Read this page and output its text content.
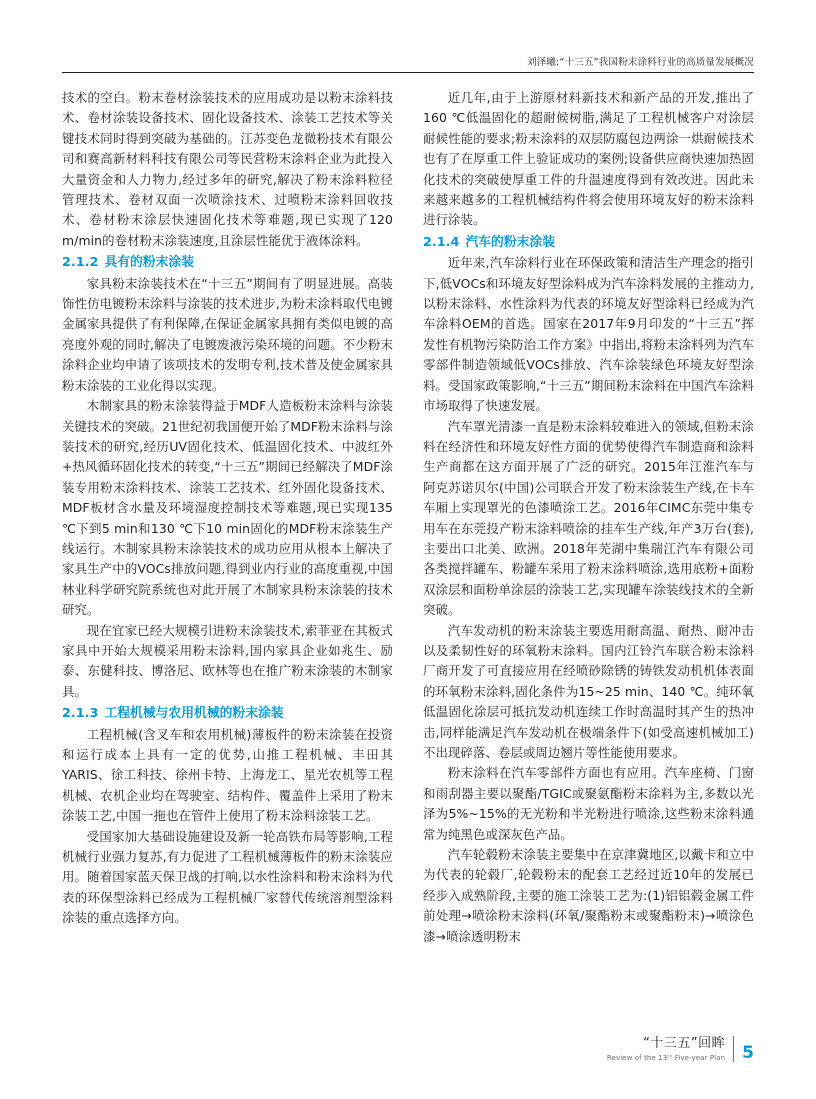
刘泽曦:“十三五”我国粉末涂料行业的高质量发展概况

技术的空白。粉末卷材涂装技术的应用成功是以粉末涂料技术、卷材涂装设备技术、固化设备技术、涂装工艺技术等关键技术同时得到突破为基础的。江苏变色龙微粉技术有限公司和赛高新材料科技有限公司等民营粉末涂料企业为此投入大量资金和人力物力,经过多年的研究,解决了粉末涂料粒径管理技术、卷材双面一次喷涂技术、过喷粉末涂料回收技术、卷材粉末涂层快速固化技术等难题,现已实现了120 m/min的卷材粉末涂装速度,且涂层性能优于液体涂料。

2.1.2 具有的粉末涂装

家具粉末涂装技术在“十三五”期间有了明显进展。高装饰性仿电镀粉末涂料与涂装的技术进步,为粉末涂料取代电镀金属家具提供了有利保障,在保证金属家具拥有类似电镀的高亮度外观的同时,解决了电镀废液污染环境的问题。不少粉末涂料企业均申请了该项技术的发明专利,技术普及使金属家具粉末涂装的工业化得以实现。

木制家具的粉末涂装得益于MDF人造板粉末涂料与涂装关键技术的突破。21世纪初我国便开始了MDF粉末涂料与涂装技术的研究,经历UV固化技术、低温固化技术、中波红外+热风循环固化技术的转变,“十三五”期间已经解决了MDF涂装专用粉末涂料技术、涂装工艺技术、红外固化设备技术、MDF板材含水量及环境湿度控制技术等难题,现已实现135 ℃下到5 min和130 ℃下10 min固化的MDF粉末涂装生产线运行。木制家具粉末涂装技术的成功应用从根本上解决了家具生产中的VOCs排放问题,得到业内行业的高度重视,中国林业科学研究院系统也对此开展了木制家具粉末涂装的技术研究。

现在宜家已经大规模引进粉末涂装技术,索菲亚在其板式家具中开始大规模采用粉末涂料,国内家具企业如兆生、励泰、东健科技、博洛尼、欧林等也在推广粉末涂装的木制家具。

2.1.3 工程机械与农用机械的粉末涂装

工程机械(含叉车和农用机械)薄板件的粉末涂装在投资和运行成本上具有一定的优势,山推工程机械、丰田其YARIS、徐工科技、徐州卡特、上海龙工、星光农机等工程机械、农机企业均在驾驶室、结构件、覆盖件上采用了粉末涂装工艺,中国一拖也在管件上使用了粉末涂料涂装工艺。

受国家加大基础设施建设及新一轮高铁布局等影响,工程机械行业强力复苏,有力促进了工程机械薄板件的粉末涂装应用。随着国家蓝天保卫战的打响,以水性涂料和粉末涂料为代表的环保型涂料已经成为工程机械厂家替代传统溶剂型涂料涂装的重点选择方向。

近几年,由于上游原材料新技术和新产品的开发,推出了160 ℃低温固化的超耐候树脂,满足了工程机械客户对涂层耐候性能的要求;粉末涂料的双层防腐包边两涂一烘耐候技术也有了在厚重工件上验证成功的案例;设备供应商快速加热固化技术的突破使厚重工件的升温速度得到有效改进。因此未来越来越多的工程机械结构件将会使用环境友好的粉末涂料进行涂装。

2.1.4 汽车的粉末涂装

近年来,汽车涂料行业在环保政策和清洁生产理念的指引下,低VOCs和环境友好型涂料成为汽车涂料发展的主推动力,以粉末涂料、水性涂料为代表的环境友好型涂料已经成为汽车涂料OEM的首选。国家在2017年9月印发的“十三五”挥发性有机物污染防治工作方案》中指出,将粉末涂料列为汽车零部件制造领域低VOCs排放、汽车涂装绿色环境友好型涂料。受国家政策影响,“十三五”期间粉末涂料在中国汽车涂料市场取得了快速发展。

汽车罩光清漆一直是粉末涂料较难进入的领域,但粉末涂料在经济性和环境友好性方面的优势使得汽车制造商和涂料生产商都在这方面开展了广泛的研究。2015年江淮汽车与阿克苏诺贝尔(中国)公司联合开发了粉末涂装生产线,在卡车车厢上实现罩光的色漆喷涂工艺。2016年CIMC东莞中集专用车在东莞投产粉末涂料喷涂的挂车生产线,年产3万台(套),主要出口北美、欧洲。2018年芜湖中集瑞江汽车有限公司各类搅拌罐车、粉罐车采用了粉末涂料喷涂,选用底粉+面粉双涂层和面粉单涂层的涂装工艺,实现罐车涂装线技术的全新突破。

汽车发动机的粉末涂装主要选用耐高温、耐热、耐冲击以及柔韧性好的环氧粉末涂料。国内江铃汽车联合粉末涂料厂商开发了可直接应用在经喷砂除锈的铸铁发动机机体表面的环氧粉末涂料,固化条件为15~25 min、140 ℃。纯环氧低温固化涂层可抵抗发动机连续工作时高温时其产生的热冲击,同样能满足汽车发动机在极端条件下(如受高速机械加工)不出现碎落、卷层或周边翘片等性能使用要求。

粉末涂料在汽车零部件方面也有应用。汽车座椅、门窗和雨刮器主要以聚酯/TGIC或聚氨酯粉末涂料为主,多数以光泽为5%~15%的无光粉和半光粉进行喷涂,这些粉末涂料通常为纯黑色或深灰色产品。

汽车轮毂粉末涂装主要集中在京津冀地区,以戴卡和立中为代表的轮毂厂,轮毂粉末的配套工艺经过近10年的发展已经步入成熟阶段,主要的施工涂装工艺为:(1)铝铝毂金属工件前处理→喷涂粉末涂料(环氧/聚酯粉末或聚酯粉末)→喷涂色漆→喷涂透明粉末

“十三五”回眸
Review of the 13ᵗʰ Five-year Plan 5
